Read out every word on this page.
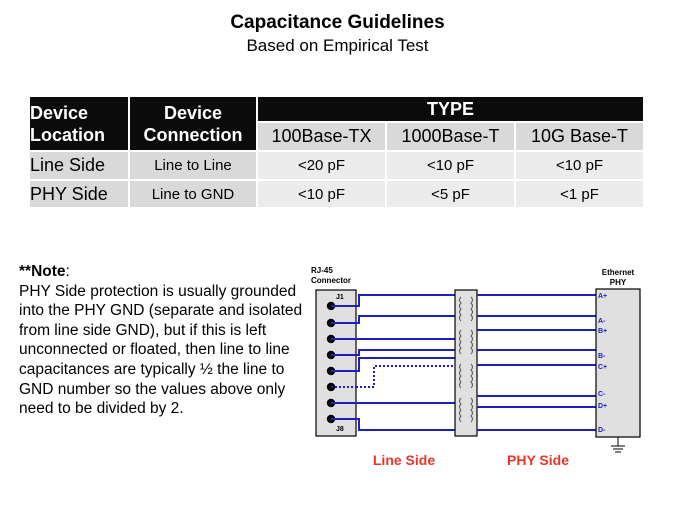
Capacitance Guidelines
Based on Empirical Test
Device Location	Device Connection	TYPE		
		100Base-TX	1000Base-T	10G Base-T
Line Side	Line to Line	<20 pF	<10 pF	<10 pF
PHY Side	Line to GND	<10 pF	<5 pF	<1 pF
**Note:
PHY Side protection is usually grounded into the PHY GND (separate and isolated from line side GND), but if this is left unconnected or floated, then line to line capacitances are typically ½ the line to GND number so the values above only need to be divided by 2.
RJ-45
Connector
Ethernet
PHY
J1
J8
A+
A-
B+
B-
C+
C-
D+
D-
Line Side	PHY Side
